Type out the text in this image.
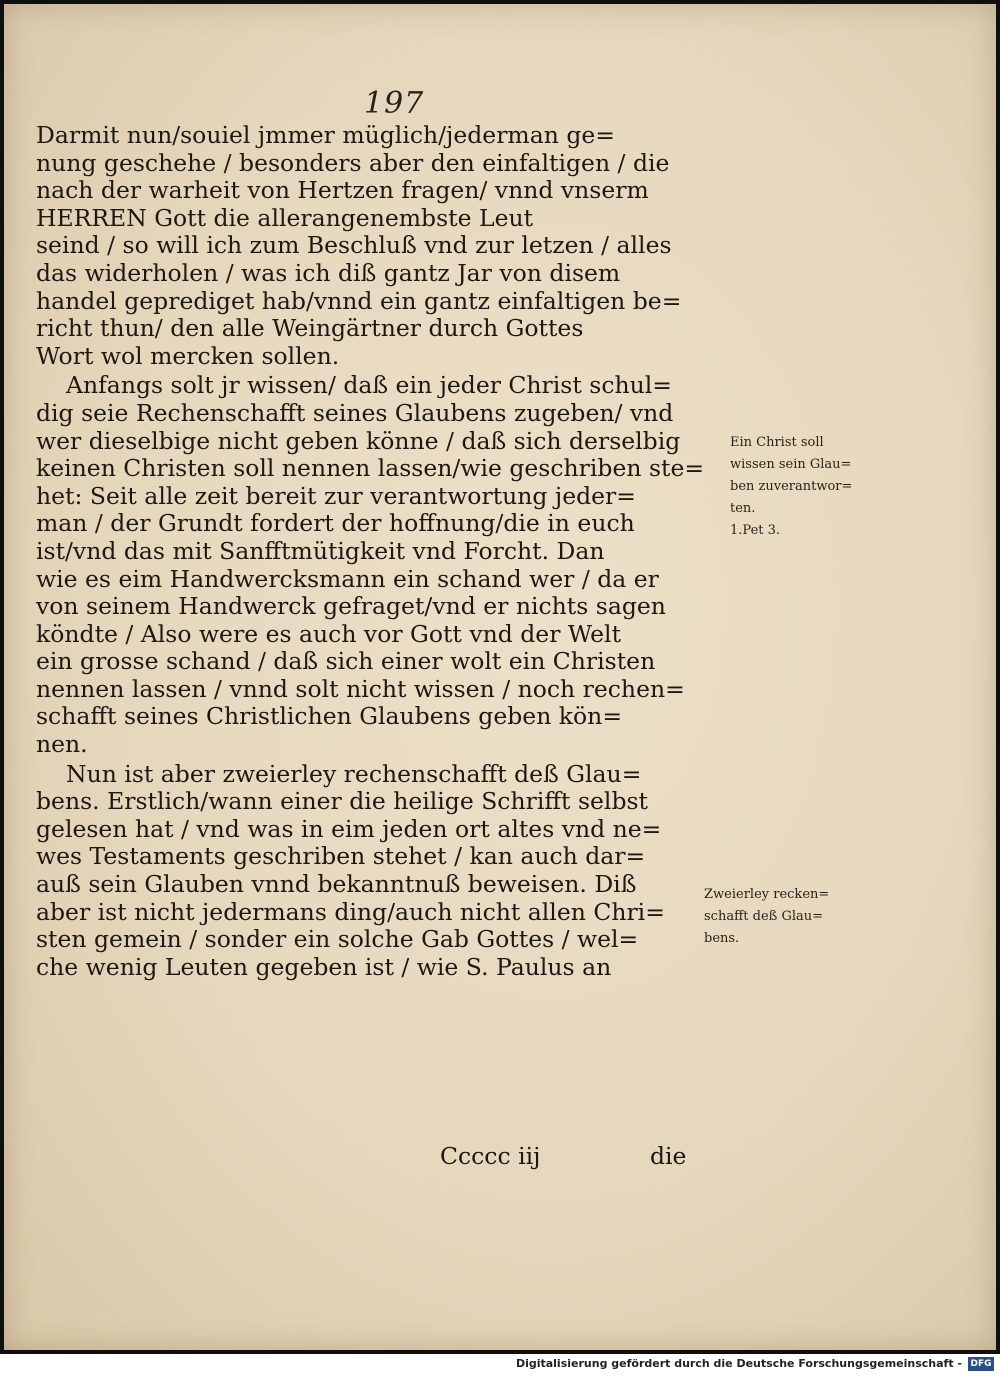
197
Darmit nun/souiel jmmer müglich/jederman ge=
nung geschehe / besonders aber den einfaltigen / die
nach der warheit von Hertzen fragen/ vnnd vnserm
HERREN Gott die allerangenembste Leut
seind / so will ich zum Beschluß vnd zur letzen / alles
das widerholen / was ich diß gantz Jar von disem
handel geprediget hab/vnnd ein gantz einfaltigen be=
richt thun/ den alle Weingärtner durch Gottes
Wort wol mercken sollen.
Anfangs solt jr wissen/ daß ein jeder Christ schul=
dig seie Rechenschafft seines Glaubens zugeben/ vnd
wer dieselbige nicht geben könne / daß sich derselbig
keinen Christen soll nennen lassen/wie geschriben ste=
het: Seit alle zeit bereit zur verantwortung jeder=
man / der Grundt fordert der hoffnung/die in euch
ist/vnd das mit Sanfftmütigkeit vnd Forcht. Dan
wie es eim Handwercksmann ein schand wer / da er
von seinem Handwerck gefraget/vnd er nichts sagen
köndte / Also were es auch vor Gott vnd der Welt
ein grosse schand / daß sich einer wolt ein Christen
nennen lassen / vnnd solt nicht wissen / noch rechen=
schafft seines Christlichen Glaubens geben kön=
nen.
Nun ist aber zweierley rechenschafft deß Glau=
bens. Erstlich/wann einer die heilige Schrifft selbst
gelesen hat / vnd was in eim jeden ort altes vnd ne=
wes Testaments geschriben stehet / kan auch dar=
auß sein Glauben vnnd bekanntnuß beweisen. Diß
aber ist nicht jedermans ding/auch nicht allen Chri=
sten gemein / sonder ein solche Gab Gottes / wel=
che wenig Leuten gegeben ist / wie S. Paulus an
Ccccc iij	die
Ein Christ soll
wissen sein Glau=
ben zuverantwor=
ten.
1.Pet 3.
Zweierley recken=
schafft deß Glau=
bens.
Digitalisierung gefördert durch die Deutsche Forschungsgemeinschaft - DFG
